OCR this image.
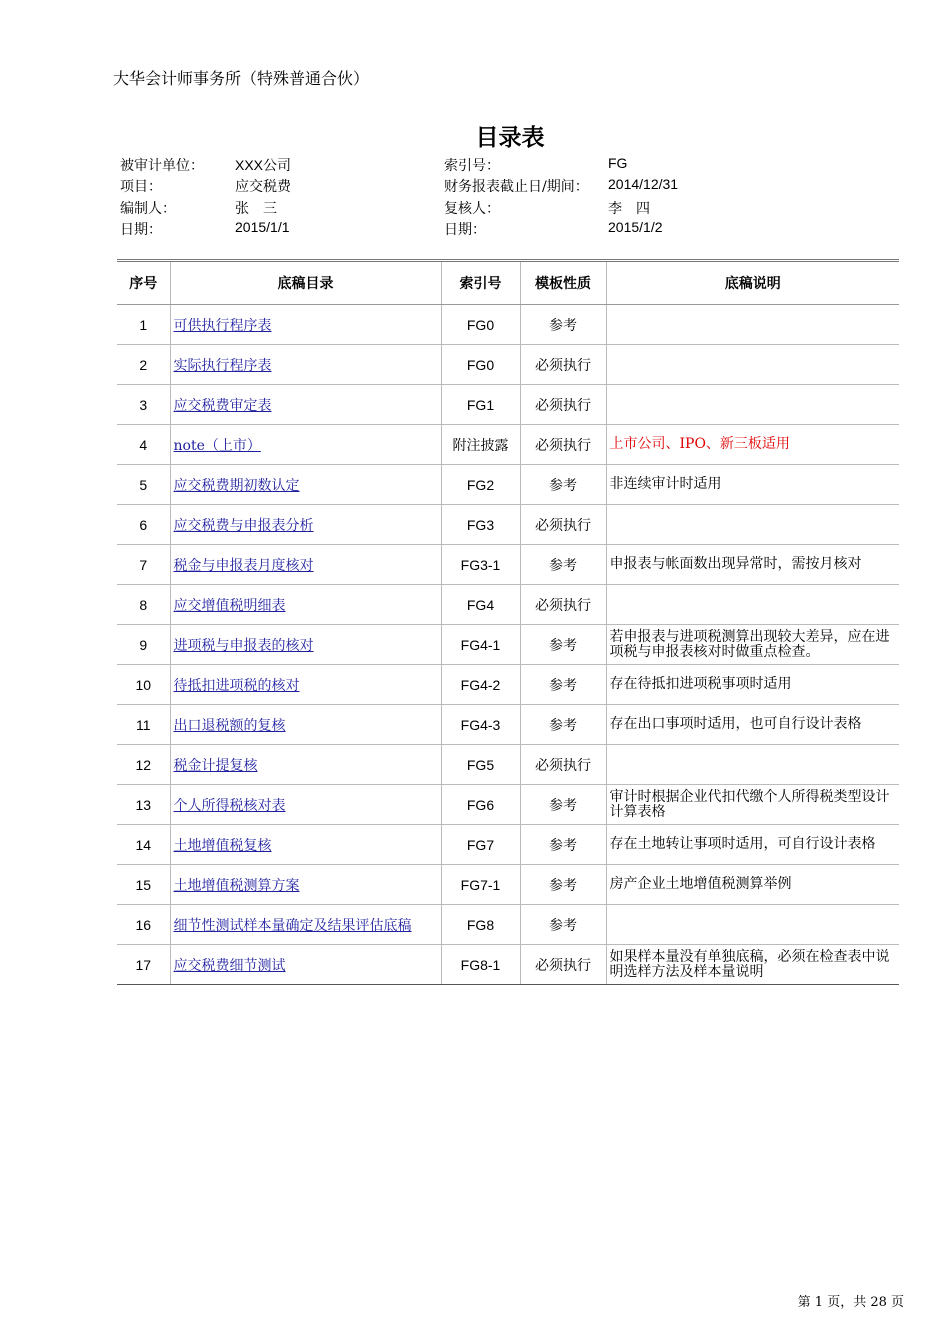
大华会计师事务所（特殊普通合伙）
目录表
被审计单位： XXX公司
项目：	应交税费
编制人：	张　三
日期：	2015/1/1
索引号：	FG
财务报表截止日/期间： 2014/12/31
复核人：	李　四
日期：	2015/1/2
序号	底稿目录	索引号	模板性质	底稿说明
1	可供执行程序表	FG0	参考	
2	实际执行程序表	FG0	必须执行	
3	应交税费审定表	FG1	必须执行	
4	note（上市）	附注披露	必须执行	上市公司、IPO、新三板适用
5	应交税费期初数认定	FG2	参考	非连续审计时适用
6	应交税费与申报表分析	FG3	必须执行	
7	税金与申报表月度核对	FG3-1	参考	申报表与帐面数出现异常时，需按月核对
8	应交增值税明细表	FG4	必须执行	
9	进项税与申报表的核对	FG4-1	参考	若申报表与进项税测算出现较大差异，应在进项税与申报表核对时做重点检查。
10	待抵扣进项税的核对	FG4-2	参考	存在待抵扣进项税事项时适用
11	出口退税额的复核	FG4-3	参考	存在出口事项时适用，也可自行设计表格
12	税金计提复核	FG5	必须执行	
13	个人所得税核对表	FG6	参考	审计时根据企业代扣代缴个人所得税类型设计计算表格
14	土地增值税复核	FG7	参考	存在土地转让事项时适用，可自行设计表格
15	土地增值税测算方案	FG7-1	参考	房产企业土地增值税测算举例
16	细节性测试样本量确定及结果评估底稿	FG8	参考	
17	应交税费细节测试	FG8-1	必须执行	如果样本量没有单独底稿，必须在检查表中说明选样方法及样本量说明
第 1 页，共 28 页
